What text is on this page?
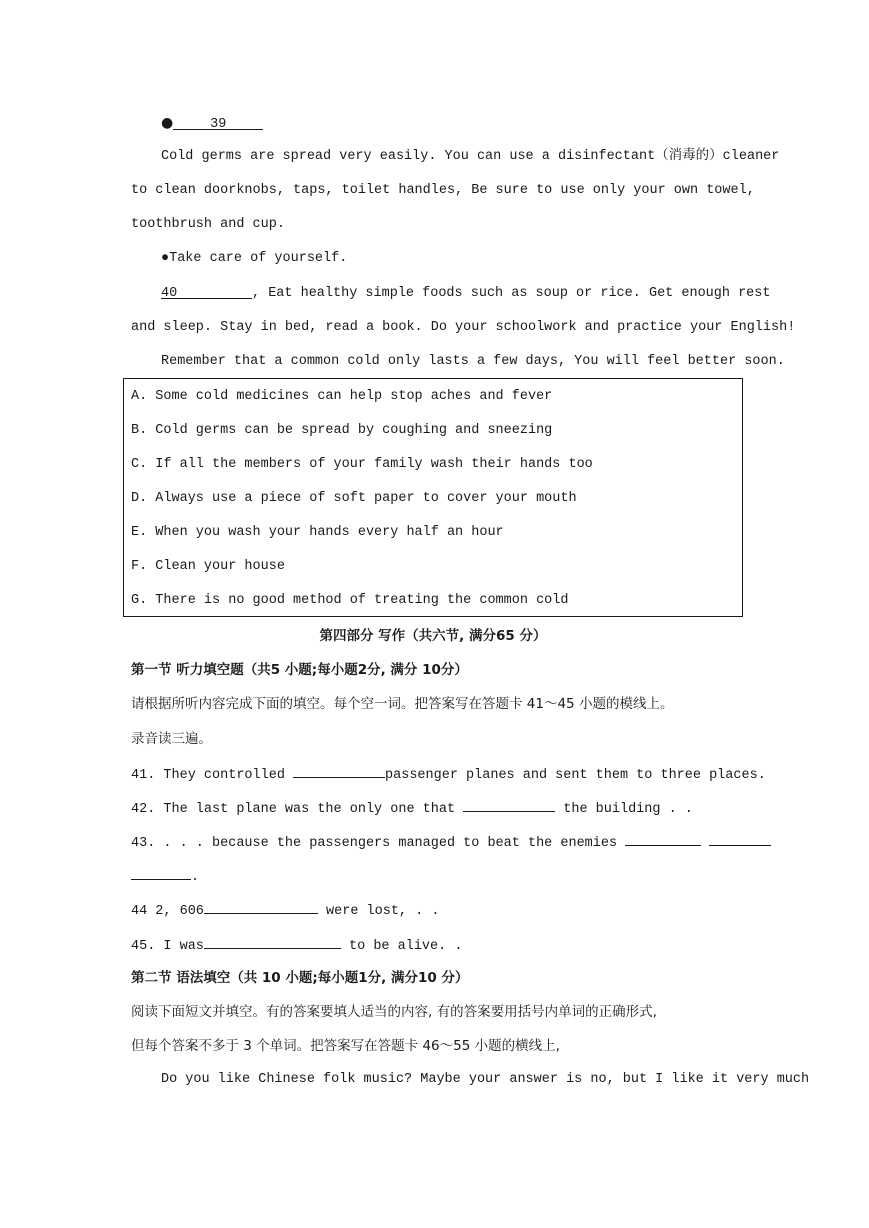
●	39
Cold germs are spread very easily. You can use a disinfectant（消毒的）cleaner
to clean doorknobs, taps, toilet handles, Be sure to use only your own towel,
toothbrush and cup.
●Take care of yourself.
40	, Eat healthy simple foods such as soup or rice. Get enough rest
and sleep. Stay in bed, read a book. Do your schoolwork and practice your English!
Remember that a common cold only lasts a few days, You will feel better soon.
A. Some cold medicines can help stop aches and fever
B. Cold germs can be spread by coughing and sneezing
C. If all the members of your family wash their hands too
D. Always use a piece of soft paper to cover your mouth
E. When you wash your hands every half an hour
F. Clean your house
G. There is no good method of treating the common cold
第四部分 写作（共六节, 满分65 分）
第一节 听力填空题（共5 小题;每小题2分, 满分 10分）
请根据所听内容完成下面的填空。每个空一词。把答案写在答题卡 41～45 小题的模线上。
录音读三遍。
41. They controlled	passenger planes and sent them to three places.
42. The last plane was the only one that	the building . .
43. . . . because the passengers managed to beat the enemies
.
44 2, 606	were lost, . .
45. I was	to be alive. .
第二节 语法填空（共 10 小题;每小题1分, 满分10 分）
阅读下面短文并填空。有的答案要填人适当的内容, 有的答案要用括号内单词的正确形式,
但每个答案不多于 3 个单词。把答案写在答题卡 46～55 小题的横线上,
Do you like Chinese folk music? Maybe your answer is no, but I like it very much
